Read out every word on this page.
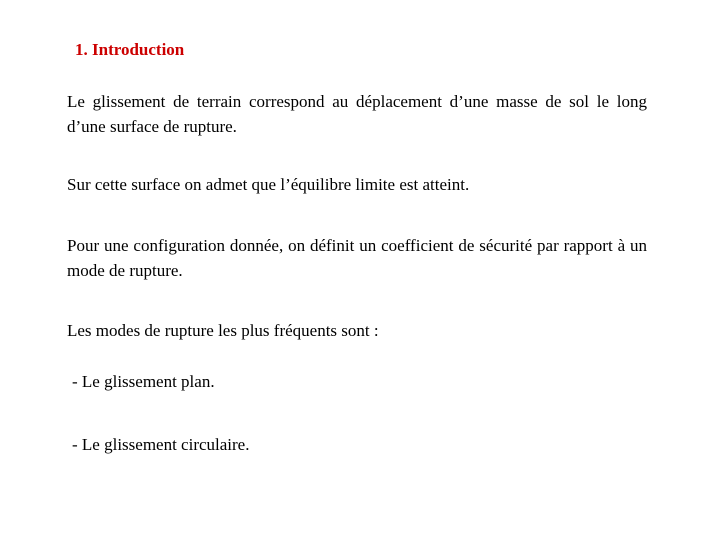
1. Introduction

Le glissement de terrain correspond au déplacement d’une masse de sol le long d’une surface de rupture.

Sur cette surface on admet que l’équilibre limite est atteint.

Pour une configuration donnée, on définit un coefficient de sécurité par rapport à un mode de rupture.

Les modes de rupture les plus fréquents sont :

- Le glissement plan.

- Le glissement circulaire.
